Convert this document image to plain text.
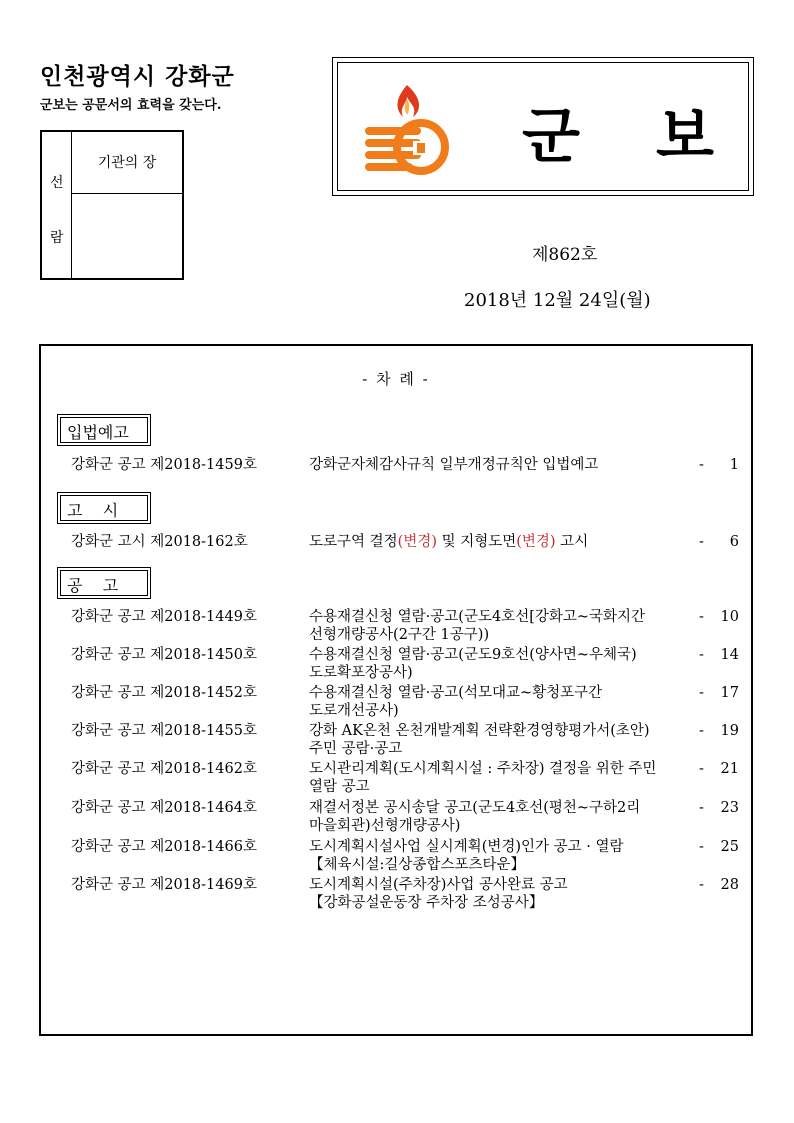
인천광역시 강화군
군보는 공문서의 효력을 갖는다.
선
람
기관의 장	군 보
제862호
2018년 12월 24일(월)
- 차 례 -
입법예고
강화군 공고 제2018-1459호	강화군자체감사규칙 일부개정규칙안 입법예고	- 1
고    시
강화군 고시 제2018-162호	도로구역 결정(변경) 및 지형도면(변경) 고시	- 6
공    고
강화군 공고 제2018-1449호	수용재결신청 열람·공고(군도4호선[강화고~국화지간
선형개량공사(2구간 1공구))
- 10
강화군 공고 제2018-1450호	수용재결신청 열람·공고(군도9호선(양사면~우체국)
도로확포장공사)
- 14
강화군 공고 제2018-1452호	수용재결신청 열람·공고(석모대교~황청포구간
도로개선공사)
- 17
강화군 공고 제2018-1455호	강화 AK온천 온천개발계획 전략환경영향평가서(초안)
주민 공람·공고
- 19
강화군 공고 제2018-1462호	도시관리계획(도시계획시설 : 주차장) 결정을 위한 주민
열람 공고
- 21
강화군 공고 제2018-1464호	재결서정본 공시송달 공고(군도4호선(평천~구하2리
마을회관)선형개량공사)
- 23
강화군 공고 제2018-1466호	도시계획시설사업 실시계획(변경)인가 공고 · 열람
【체육시설:길상종합스포츠타운】
- 25
강화군 공고 제2018-1469호	도시계획시설(주차장)사업 공사완료 공고
【강화공설운동장 주차장 조성공사】
- 28
